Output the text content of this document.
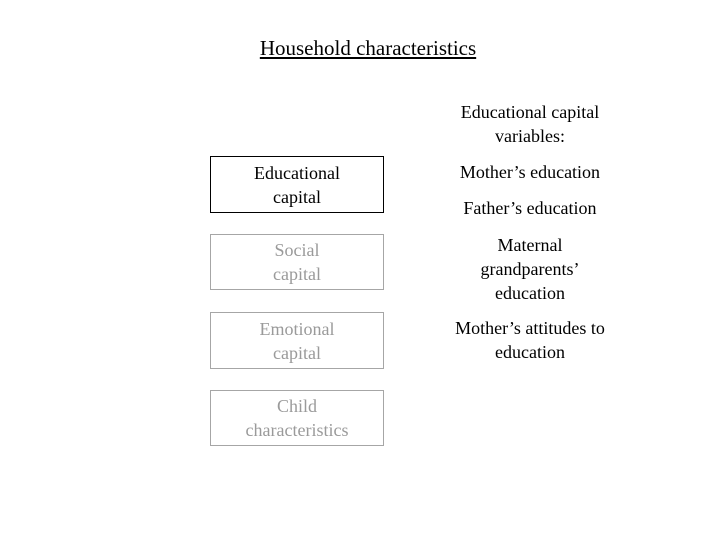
Household characteristics
Educational
capital
Social
capital
Emotional
capital
Child
characteristics
Educational capital
variables:
Mother’s education
Father’s education
Maternal
grandparents’
education
Mother’s attitudes to
education
